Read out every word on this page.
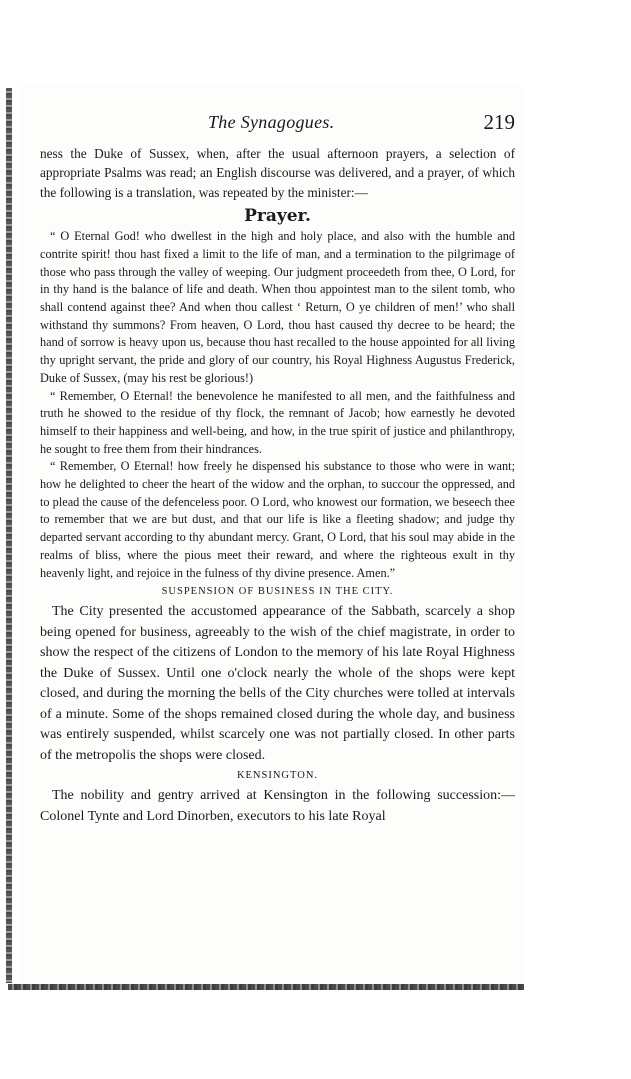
The Synagogues.	219

ness the Duke of Sussex, when, after the usual afternoon prayers, a selection of appropriate Psalms was read; an English discourse was delivered, and a prayer, of which the following is a translation, was repeated by the minister:—

Prayer.

“ O Eternal God! who dwellest in the high and holy place, and also with the humble and contrite spirit! thou hast fixed a limit to the life of man, and a termination to the pilgrimage of those who pass through the valley of weeping. Our judgment proceedeth from thee, O Lord, for in thy hand is the balance of life and death. When thou appointest man to the silent tomb, who shall contend against thee? And when thou callest ‘ Return, O ye children of men!’ who shall withstand thy summons? From heaven, O Lord, thou hast caused thy decree to be heard; the hand of sorrow is heavy upon us, because thou hast recalled to the house appointed for all living thy upright servant, the pride and glory of our country, his Royal Highness Augustus Frederick, Duke of Sussex, (may his rest be glorious!)

“ Remember, O Eternal! the benevolence he manifested to all men, and the faithfulness and truth he showed to the residue of thy flock, the remnant of Jacob; how earnestly he devoted himself to their happiness and well-being, and how, in the true spirit of justice and philanthropy, he sought to free them from their hindrances.

“ Remember, O Eternal! how freely he dispensed his substance to those who were in want; how he delighted to cheer the heart of the widow and the orphan, to succour the oppressed, and to plead the cause of the defenceless poor. O Lord, who knowest our formation, we beseech thee to remember that we are but dust, and that our life is like a fleeting shadow; and judge thy departed servant according to thy abundant mercy. Grant, O Lord, that his soul may abide in the realms of bliss, where the pious meet their reward, and where the righteous exult in thy heavenly light, and rejoice in the fulness of thy divine presence. Amen.”

SUSPENSION OF BUSINESS IN THE CITY.

The City presented the accustomed appearance of the Sabbath, scarcely a shop being opened for business, agreeably to the wish of the chief magistrate, in order to show the respect of the citizens of London to the memory of his late Royal Highness the Duke of Sussex. Until one o'clock nearly the whole of the shops were kept closed, and during the morning the bells of the City churches were tolled at intervals of a minute. Some of the shops remained closed during the whole day, and business was entirely suspended, whilst scarcely one was not partially closed. In other parts of the metropolis the shops were closed.

KENSINGTON.

The nobility and gentry arrived at Kensington in the following succession:—Colonel Tynte and Lord Dinorben, executors to his late Royal
